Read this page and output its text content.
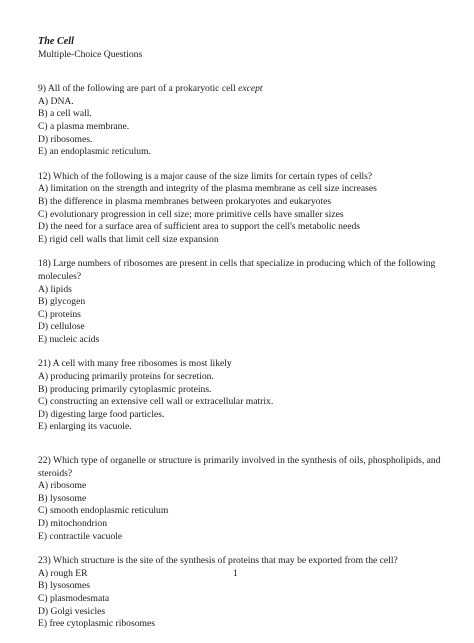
The Cell
Multiple-Choice Questions

9) All of the following are part of a prokaryotic cell except

A) DNA.

B) a cell wall.

C) a plasma membrane.

D) ribosomes.

E) an endoplasmic reticulum.

12) Which of the following is a major cause of the size limits for certain types of cells?

A) limitation on the strength and integrity of the plasma membrane as cell size increases

B) the difference in plasma membranes between prokaryotes and eukaryotes

C) evolutionary progression in cell size; more primitive cells have smaller sizes

D) the need for a surface area of sufficient area to support the cell's metabolic needs

E) rigid cell walls that limit cell size expansion

18) Large numbers of ribosomes are present in cells that specialize in producing which of the following molecules?

A) lipids

B) glycogen

C) proteins

D) cellulose

E) nucleic acids

21) A cell with many free ribosomes is most likely

A) producing primarily proteins for secretion.

B) producing primarily cytoplasmic proteins.

C) constructing an extensive cell wall or extracellular matrix.

D) digesting large food particles.

E) enlarging its vacuole.

22) Which type of organelle or structure is primarily involved in the synthesis of oils, phospholipids, and steroids?

A) ribosome

B) lysosome

C) smooth endoplasmic reticulum

D) mitochondrion

E) contractile vacuole

23) Which structure is the site of the synthesis of proteins that may be exported from the cell?

A) rough ER

B) lysosomes

C) plasmodesmata

D) Golgi vesicles

E) free cytoplasmic ribosomes

1
